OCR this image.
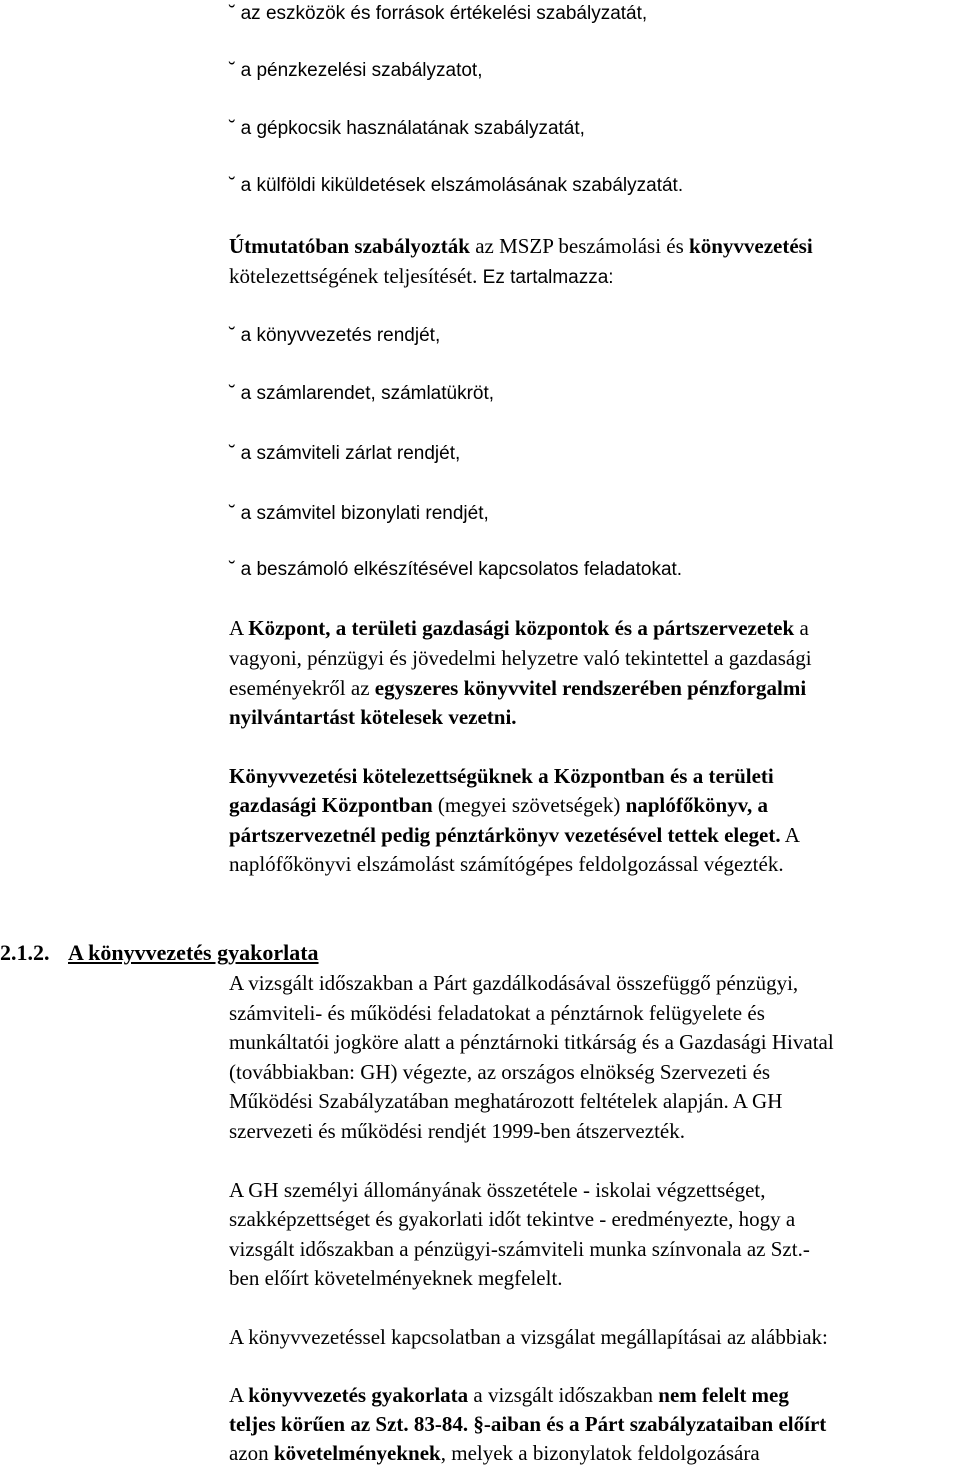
˘ az eszközök és források értékelési szabályzatát,
˘ a pénzkezelési szabályzatot,
˘ a gépkocsik használatának szabályzatát,
˘ a külföldi kiküldetések elszámolásának szabályzatát.
Útmutatóban szabályozták az MSZP beszámolási és könyvvezetési
kötelezettségének teljesítését. Ez tartalmazza:
˘ a könyvvezetés rendjét,
˘ a számlarendet, számlatükröt,
˘ a számviteli zárlat rendjét,
˘ a számvitel bizonylati rendjét,
˘ a beszámoló elkészítésével kapcsolatos feladatokat.
A Központ, a területi gazdasági központok és a pártszervezetek a
vagyoni, pénzügyi és jövedelmi helyzetre való tekintettel a gazdasági
eseményekről az egyszeres könyvvitel rendszerében pénzforgalmi
nyilvántartást kötelesek vezetni.
Könyvvezetési kötelezettségüknek a Központban és a területi
gazdasági Központban (megyei szövetségek) naplófőkönyv, a
pártszervezetnél pedig pénztárkönyv vezetésével tettek eleget. A
naplófőkönyvi elszámolást számítógépes feldolgozással végezték.
2.1.2. A könyvvezetés gyakorlata
A vizsgált időszakban a Párt gazdálkodásával összefüggő pénzügyi,
számviteli- és működési feladatokat a pénztárnok felügyelete és
munkáltatói jogköre alatt a pénztárnoki titkárság és a Gazdasági Hivatal
(továbbiakban: GH) végezte, az országos elnökség Szervezeti és
Működési Szabályzatában meghatározott feltételek alapján. A GH
szervezeti és működési rendjét 1999-ben átszervezték.
A GH személyi állományának összetétele - iskolai végzettséget,
szakképzettséget és gyakorlati időt tekintve - eredményezte, hogy a
vizsgált időszakban a pénzügyi-számviteli munka színvonala az Szt.-
ben előírt követelményeknek megfelelt.
A könyvvezetéssel kapcsolatban a vizsgálat megállapításai az alábbiak:
A könyvvezetés gyakorlata a vizsgált időszakban nem felelt meg
teljes körűen az Szt. 83-84. §-aiban és a Párt szabályzataiban előírt
azon követelményeknek, melyek a bizonylatok feldolgozására
